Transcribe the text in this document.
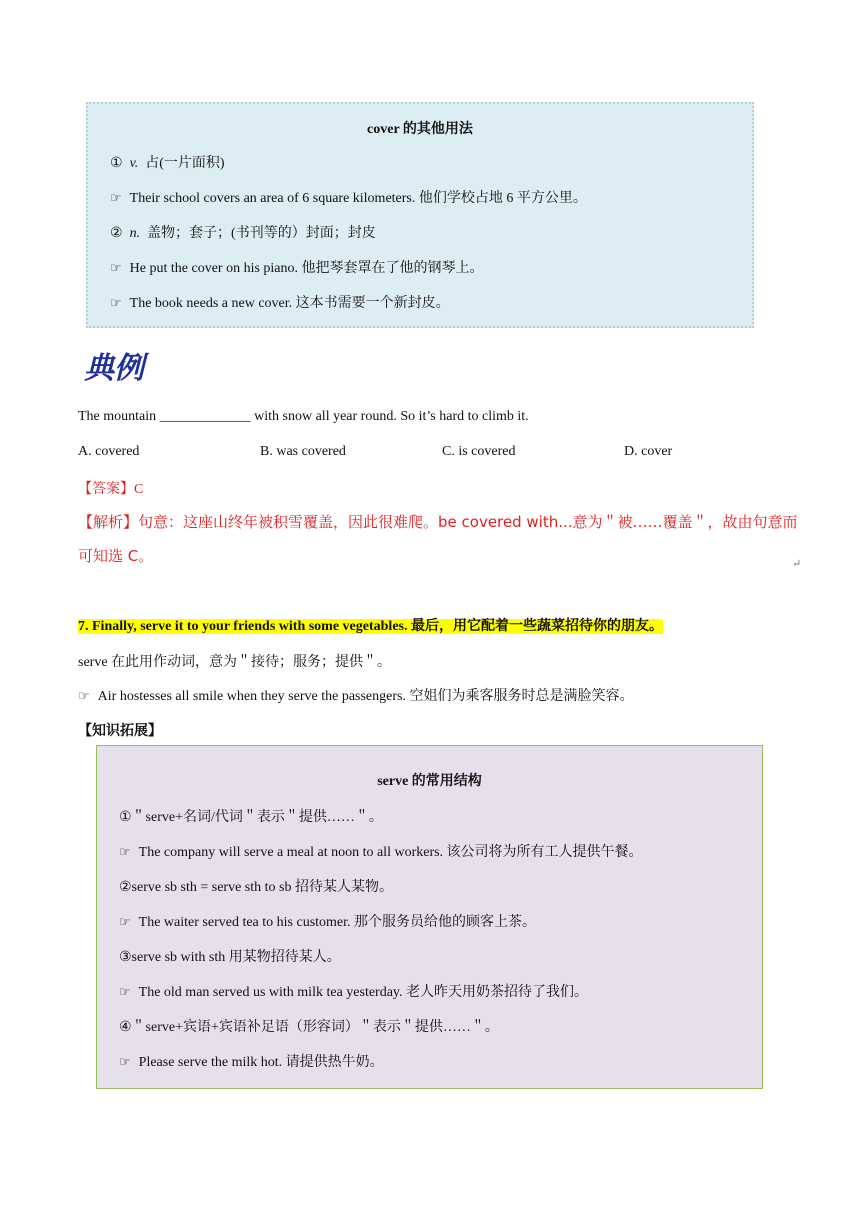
cover 的其他用法
① v. 占(一片面积)
☞ Their school covers an area of 6 square kilometers. 他们学校占地 6 平方公里。
② n. 盖物；套子；(书刊等的）封面；封皮
☞ He put the cover on his piano. 他把琴套罩在了他的钢琴上。
☞ The book needs a new cover. 这本书需要一个新封皮。
典例
The mountain _____________ with snow all year round. So it’s hard to climb it.
A. covered	B. was covered	C. is covered	D. cover
【答案】C
【解析】句意：这座山终年被积雪覆盖，因此很难爬。be covered with...意为＂被……覆盖＂，故由句意而
可知选 C。	↵
7. Finally, serve it to your friends with some vegetables. 最后，用它配着一些蔬菜招待你的朋友。
serve 在此用作动词，意为＂接待；服务；提供＂。
☞ Air hostesses all smile when they serve the passengers. 空姐们为乘客服务时总是满脸笑容。
【知识拓展】
serve 的常用结构
①＂serve+名词/代词＂表示＂提供……＂。
☞ The company will serve a meal at noon to all workers. 该公司将为所有工人提供午餐。
②serve sb sth = serve sth to sb 招待某人某物。
☞ The waiter served tea to his customer. 那个服务员给他的顾客上茶。
③serve sb with sth 用某物招待某人。
☞ The old man served us with milk tea yesterday. 老人昨天用奶茶招待了我们。
④＂serve+宾语+宾语补足语（形容词）＂表示＂提供……＂。
☞ Please serve the milk hot. 请提供热牛奶。
